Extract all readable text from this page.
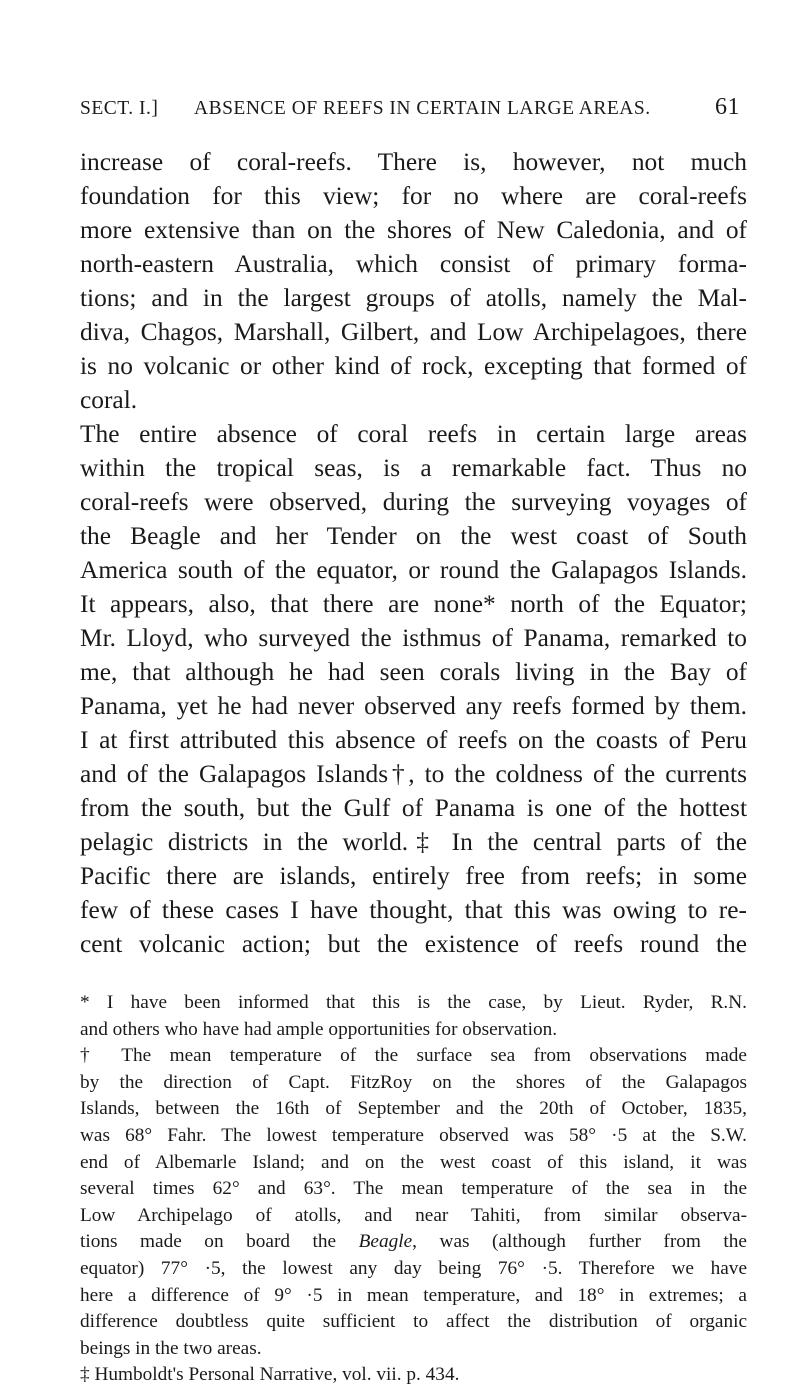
SECT. I.] ABSENCE OF REEFS IN CERTAIN LARGE AREAS.	61
increase of coral-reefs. There is, however, not much
foundation for this view; for no where are coral-reefs
more extensive than on the shores of New Caledonia, and of
north-eastern Australia, which consist of primary forma-
tions; and in the largest groups of atolls, namely the Mal-
diva, Chagos, Marshall, Gilbert, and Low Archipelagoes, there
is no volcanic or other kind of rock, excepting that formed of
coral.
The entire absence of coral reefs in certain large areas
within the tropical seas, is a remarkable fact. Thus no
coral-reefs were observed, during the surveying voyages of
the Beagle and her Tender on the west coast of South
America south of the equator, or round the Galapagos Islands.
It appears, also, that there are none* north of the Equator;
Mr. Lloyd, who surveyed the isthmus of Panama, remarked to
me, that although he had seen corals living in the Bay of
Panama, yet he had never observed any reefs formed by them.
I at first attributed this absence of reefs on the coasts of Peru
and of the Galapagos Islands†, to the coldness of the currents
from the south, but the Gulf of Panama is one of the hottest
pelagic districts in the world.‡ In the central parts of the
Pacific there are islands, entirely free from reefs; in some
few of these cases I have thought, that this was owing to re-
cent volcanic action; but the existence of reefs round the
* I have been informed that this is the case, by Lieut. Ryder, R.N.
and others who have had ample opportunities for observation.
† The mean temperature of the surface sea from observations made
by the direction of Capt. FitzRoy on the shores of the Galapagos
Islands, between the 16th of September and the 20th of October, 1835,
was 68° Fahr. The lowest temperature observed was 58° ·5 at the S.W.
end of Albemarle Island; and on the west coast of this island, it was
several times 62° and 63°. The mean temperature of the sea in the
Low Archipelago of atolls, and near Tahiti, from similar observa-
tions made on board the Beagle, was (although further from the
equator) 77° ·5, the lowest any day being 76° ·5. Therefore we have
here a difference of 9° ·5 in mean temperature, and 18° in extremes; a
difference doubtless quite sufficient to affect the distribution of organic
beings in the two areas.
‡ Humboldt's Personal Narrative, vol. vii. p. 434.
